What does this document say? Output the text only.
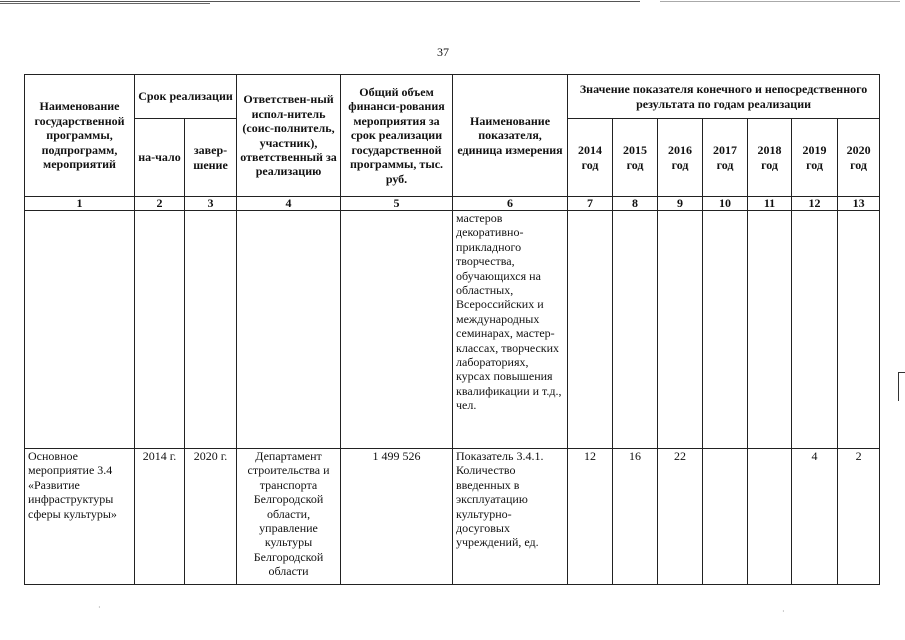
37
·	·
Наименование государственной программы, подпрограмм, мероприятий	Срок реализации		Ответствен-ный испол-нитель (соис-полнитель, участник), ответственный за реализацию	Общий объем финанси-рования мероприятия за срок реализации государственной программы, тыс. руб.	Наименование показателя, единица измерения	Значение показателя конечного и непосредственного результата по годам реализации						
	на-чало	завер-шение				2014 год	2015 год	2016 год	2017 год	2018 год	2019 год	2020 год
1	2	3	4	5	6	7	8	9	10	11	12	13
					мастеров декоративно-прикладного творчества, обучающихся на областных, Всероссийских и международных семинарах, мастер-классах, творческих лабораториях, курсах повышения квалификации и т.д., чел.							
Основное мероприятие 3.4 «Развитие инфраструктуры сферы культуры»	2014 г.	2020 г.	Департамент строительства и транспорта Белгородской области, управление культуры Белгородской области	1 499 526	Показатель 3.4.1. Количество введенных в эксплуатацию культурно-досуговых учреждений, ед.	12	16	22			4	2
